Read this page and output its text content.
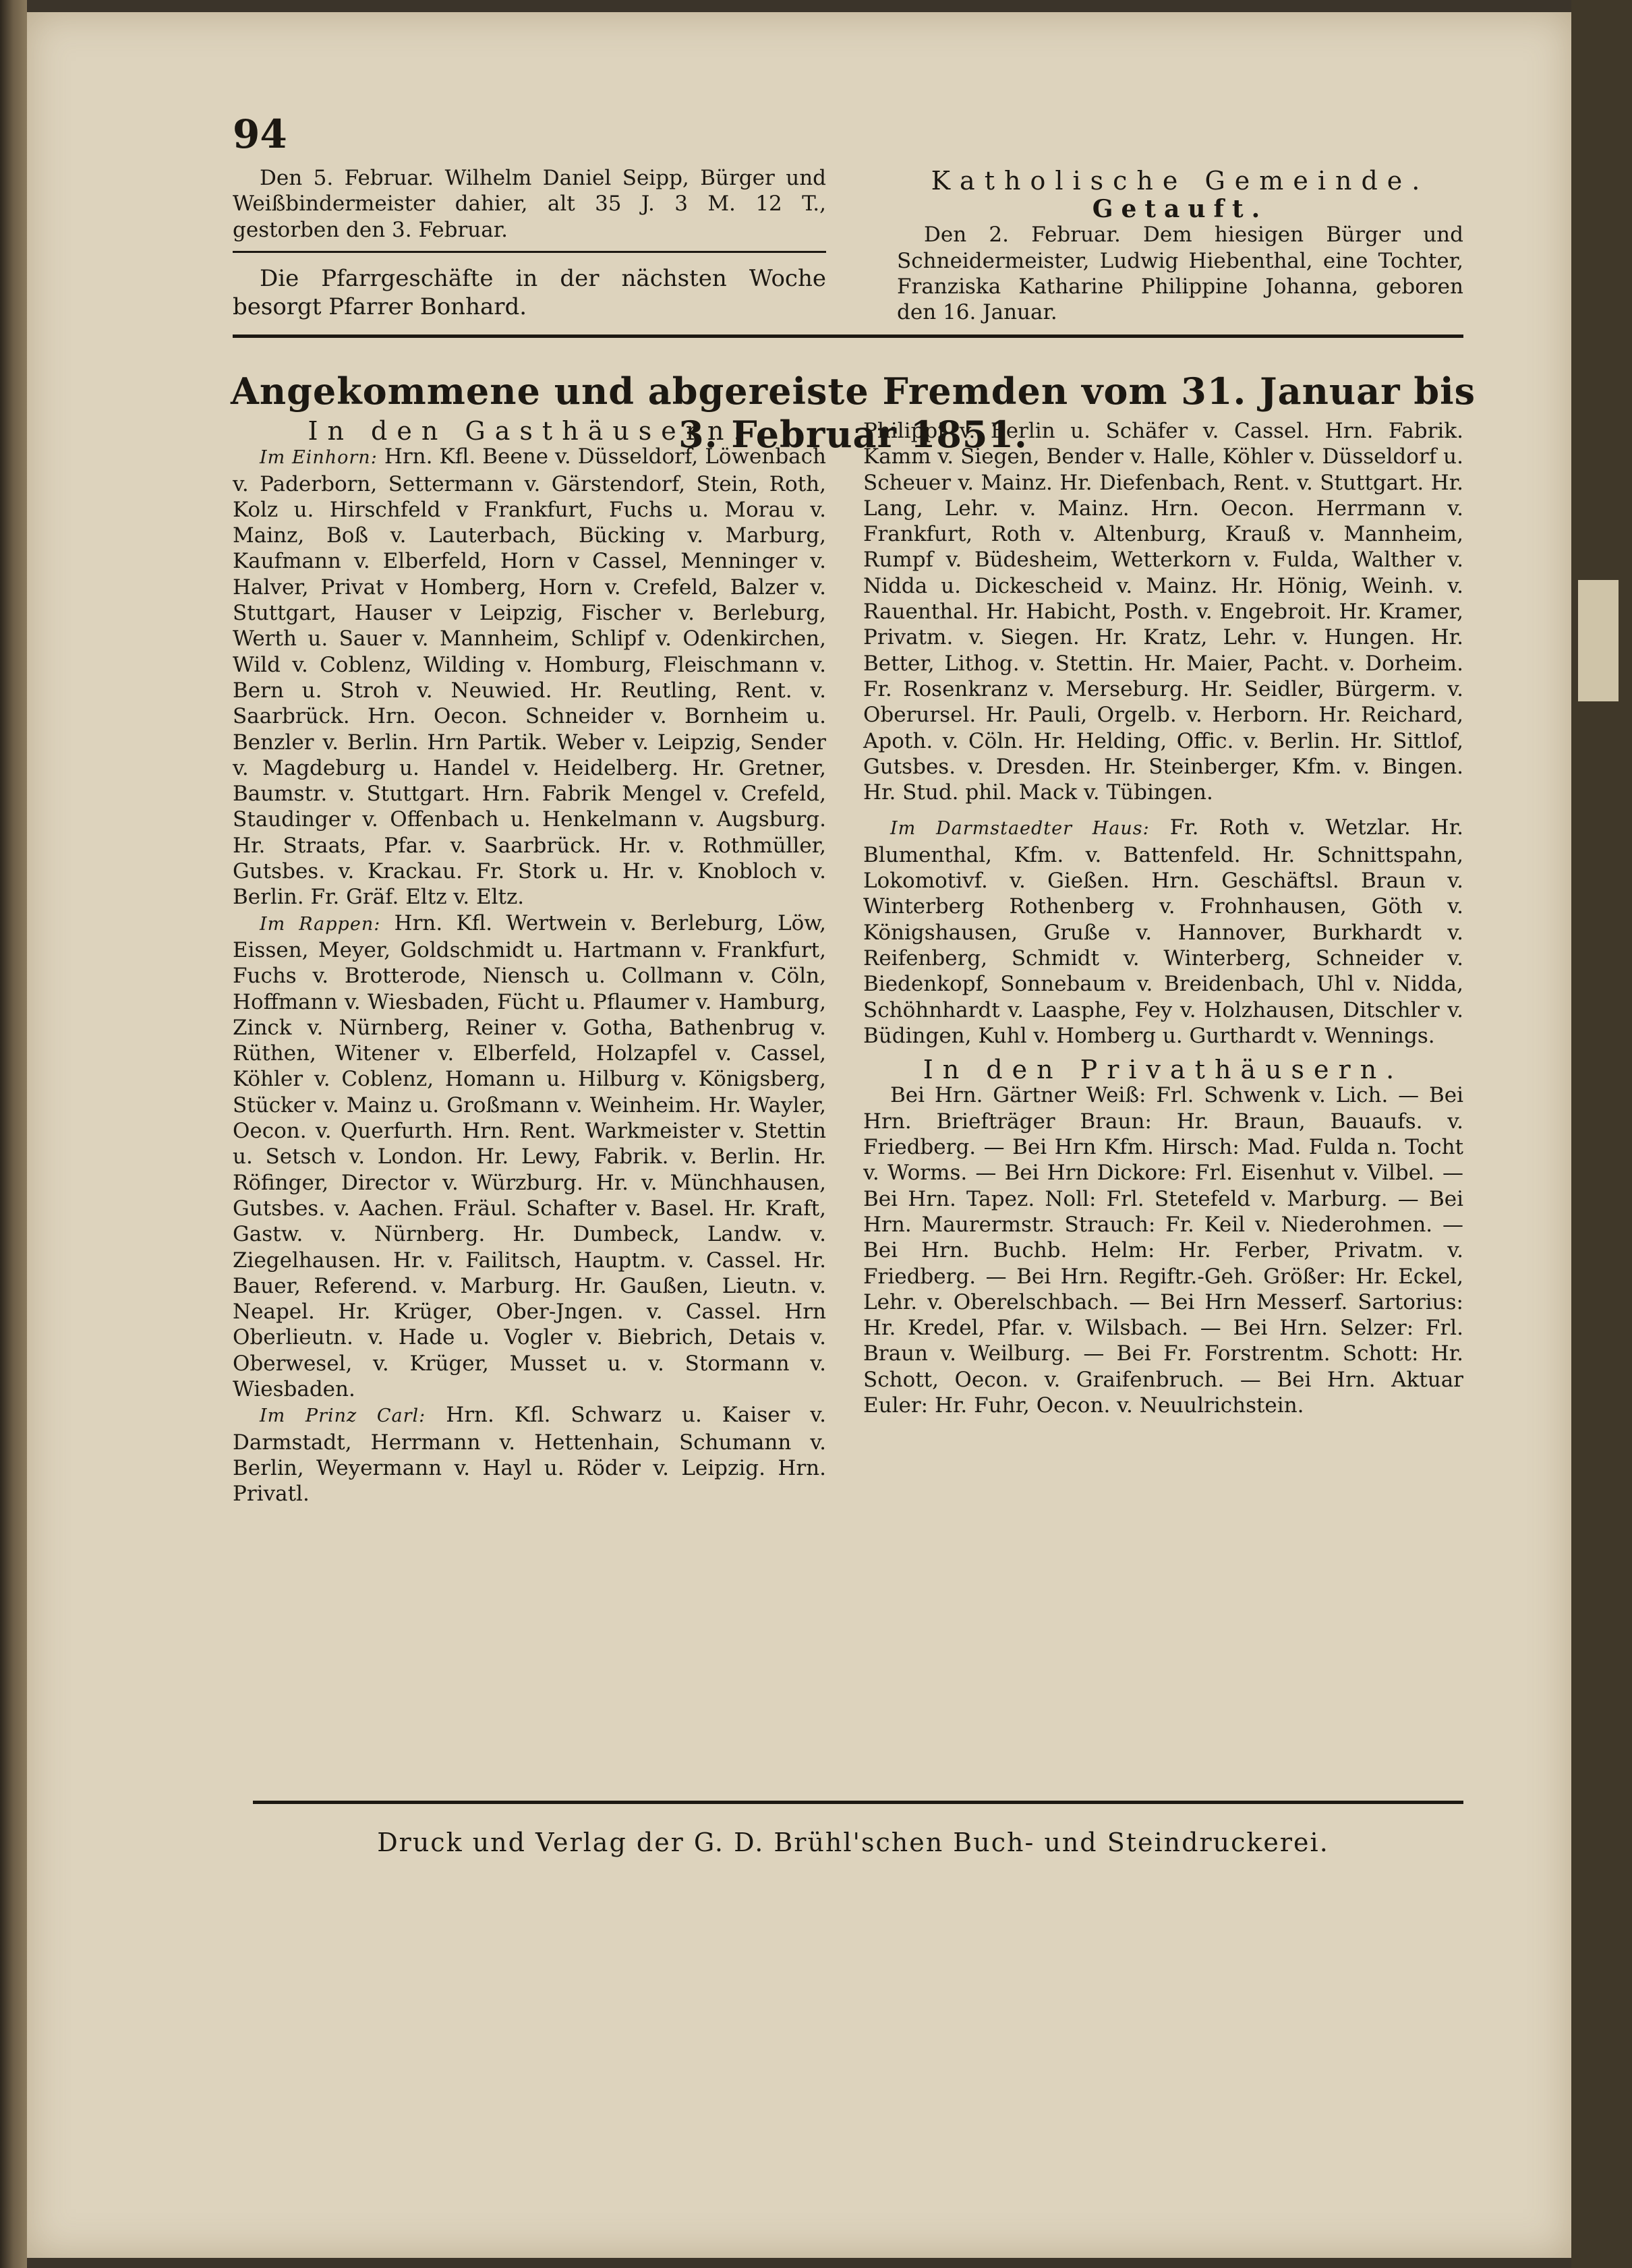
94

Den 5. Februar. Wilhelm Daniel Seipp, Bürger und Weißbindermeister dahier, alt 35 J. 3 M. 12 T., gestorben den 3. Februar.

Die Pfarrgeschäfte in der nächsten Woche besorgt Pfarrer Bonhard.

Katholische Gemeinde.

Getauft.

Den 2. Februar. Dem hiesigen Bürger und Schneidermeister, Ludwig Hiebenthal, eine Tochter, Franziska Katharine Philippine Johanna, geboren den 16. Januar.

Angekommene und abgereiste Fremden vom 31. Januar bis 3. Februar 1851.

In den Gasthäusern.

Im Einhorn: Hrn. Kfl. Beene v. Düsseldorf, Löwenbach v. Paderborn, Settermann v. Gärstendorf, Stein, Roth, Kolz u. Hirschfeld v Frankfurt, Fuchs u. Morau v. Mainz, Boß v. Lauterbach, Bücking v. Marburg, Kaufmann v. Elberfeld, Horn v Cassel, Menninger v. Halver, Privat v Homberg, Horn v. Crefeld, Balzer v. Stuttgart, Hauser v Leipzig, Fischer v. Berleburg, Werth u. Sauer v. Mannheim, Schlipf v. Odenkirchen, Wild v. Coblenz, Wilding v. Homburg, Fleischmann v. Bern u. Stroh v. Neuwied. Hr. Reutling, Rent. v. Saarbrück. Hrn. Oecon. Schneider v. Bornheim u. Benzler v. Berlin. Hrn Partik. Weber v. Leipzig, Sender v. Magdeburg u. Handel v. Heidelberg. Hr. Gretner, Baumstr. v. Stuttgart. Hrn. Fabrik Mengel v. Crefeld, Staudinger v. Offenbach u. Henkelmann v. Augsburg. Hr. Straats, Pfar. v. Saarbrück. Hr. v. Rothmüller, Gutsbes. v. Krackau. Fr. Stork u. Hr. v. Knobloch v. Berlin. Fr. Gräf. Eltz v. Eltz.

Im Rappen: Hrn. Kfl. Wertwein v. Berleburg, Löw, Eissen, Meyer, Goldschmidt u. Hartmann v. Frankfurt, Fuchs v. Brotterode, Niensch u. Collmann v. Cöln, Hoffmann v. Wiesbaden, Fücht u. Pflaumer v. Hamburg, Zinck v. Nürnberg, Reiner v. Gotha, Bathenbrug v. Rüthen, Witener v. Elberfeld, Holzapfel v. Cassel, Köhler v. Coblenz, Homann u. Hilburg v. Königsberg, Stücker v. Mainz u. Großmann v. Weinheim. Hr. Wayler, Oecon. v. Querfurth. Hrn. Rent. Warkmeister v. Stettin u. Setsch v. London. Hr. Lewy, Fabrik. v. Berlin. Hr. Röfinger, Director v. Würzburg. Hr. v. Münchhausen, Gutsbes. v. Aachen. Fräul. Schafter v. Basel. Hr. Kraft, Gastw. v. Nürnberg. Hr. Dumbeck, Landw. v. Ziegelhausen. Hr. v. Failitsch, Hauptm. v. Cassel. Hr. Bauer, Referend. v. Marburg. Hr. Gaußen, Lieutn. v. Neapel. Hr. Krüger, Ober-Jngen. v. Cassel. Hrn Oberlieutn. v. Hade u. Vogler v. Biebrich, Detais v. Oberwesel, v. Krüger, Musset u. v. Stormann v. Wiesbaden.

Im Prinz Carl: Hrn. Kfl. Schwarz u. Kaiser v. Darmstadt, Herrmann v. Hettenhain, Schumann v. Berlin, Weyermann v. Hayl u. Röder v. Leipzig. Hrn. Privatl.

Philippi v. Berlin u. Schäfer v. Cassel. Hrn. Fabrik. Kamm v. Siegen, Bender v. Halle, Köhler v. Düsseldorf u. Scheuer v. Mainz. Hr. Diefenbach, Rent. v. Stuttgart. Hr. Lang, Lehr. v. Mainz. Hrn. Oecon. Herrmann v. Frankfurt, Roth v. Altenburg, Krauß v. Mannheim, Rumpf v. Büdesheim, Wetterkorn v. Fulda, Walther v. Nidda u. Dickescheid v. Mainz. Hr. Hönig, Weinh. v. Rauenthal. Hr. Habicht, Posth. v. Engebroit. Hr. Kramer, Privatm. v. Siegen. Hr. Kratz, Lehr. v. Hungen. Hr. Better, Lithog. v. Stettin. Hr. Maier, Pacht. v. Dorheim. Fr. Rosenkranz v. Merseburg. Hr. Seidler, Bürgerm. v. Oberursel. Hr. Pauli, Orgelb. v. Herborn. Hr. Reichard, Apoth. v. Cöln. Hr. Helding, Offic. v. Berlin. Hr. Sittlof, Gutsbes. v. Dresden. Hr. Steinberger, Kfm. v. Bingen. Hr. Stud. phil. Mack v. Tübingen.

Im Darmstaedter Haus: Fr. Roth v. Wetzlar. Hr. Blumenthal, Kfm. v. Battenfeld. Hr. Schnittspahn, Lokomotivf. v. Gießen. Hrn. Geschäftsl. Braun v. Winterberg Rothenberg v. Frohnhausen, Göth v. Königshausen, Gruße v. Hannover, Burkhardt v. Reifenberg, Schmidt v. Winterberg, Schneider v. Biedenkopf, Sonnebaum v. Breidenbach, Uhl v. Nidda, Schöhnhardt v. Laasphe, Fey v. Holzhausen, Ditschler v. Büdingen, Kuhl v. Homberg u. Gurthardt v. Wennings.

In den Privathäusern.

Bei Hrn. Gärtner Weiß: Frl. Schwenk v. Lich. — Bei Hrn. Briefträger Braun: Hr. Braun, Bauaufs. v. Friedberg. — Bei Hrn Kfm. Hirsch: Mad. Fulda n. Tocht v. Worms. — Bei Hrn Dickore: Frl. Eisenhut v. Vilbel. — Bei Hrn. Tapez. Noll: Frl. Stetefeld v. Marburg. — Bei Hrn. Maurermstr. Strauch: Fr. Keil v. Niederohmen. — Bei Hrn. Buchb. Helm: Hr. Ferber, Privatm. v. Friedberg. — Bei Hrn. Regiftr.-Geh. Größer: Hr. Eckel, Lehr. v. Oberelschbach. — Bei Hrn Messerf. Sartorius: Hr. Kredel, Pfar. v. Wilsbach. — Bei Hrn. Selzer: Frl. Braun v. Weilburg. — Bei Fr. Forstrentm. Schott: Hr. Schott, Oecon. v. Graifenbruch. — Bei Hrn. Aktuar Euler: Hr. Fuhr, Oecon. v. Neuulrichstein.

Druck und Verlag der G. D. Brühl'schen Buch- und Steindruckerei.
